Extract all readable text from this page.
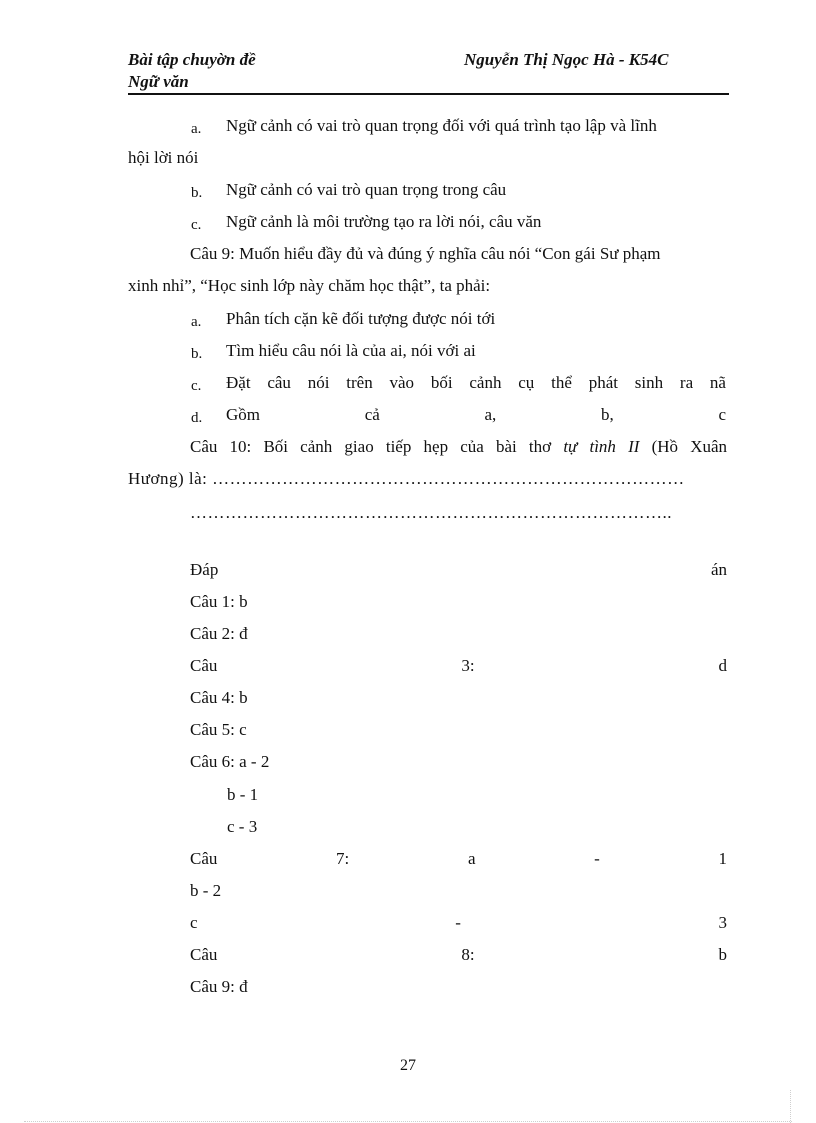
Bài tập chuyờn đề
Ngữ văn
Nguyễn Thị Ngọc Hà - K54C
a. Ngữ cảnh có vai trò quan trọng đối với quá trình tạo lập và lĩnh
hội lời nói
b. Ngữ cảnh có vai trò quan trọng trong câu
c. Ngữ cảnh là môi trường tạo ra lời nói, câu văn
Câu 9: Muốn hiểu đầy đủ và đúng ý nghĩa câu nói “Con gái Sư phạm
xinh nhỉ”, “Học sinh lớp này chăm học thật”, ta phải:
a. Phân tích cặn kẽ đối tượng được nói tới
b. Tìm hiểu câu nói là của ai, nói với ai
c. Đặt câu nói trên vào bối cảnh cụ thể phát sinh ra nã
d. Gồm	cả	a,	b,	c
Câu 10: Bối cảnh giao tiếp hẹp của bài thơ tự tình II (Hồ Xuân
Hương) là: ………………………………………………………………………
………………………………………………………………………..
Đáp	án
Câu 1: b
Câu 2: đ
Câu	3:	d
Câu 4: b
Câu 5: c
Câu 6: a - 2
b - 1
c - 3
Câu	7:	a	-	1
b - 2
c	-	3
Câu	8:	b
Câu 9: đ
27
